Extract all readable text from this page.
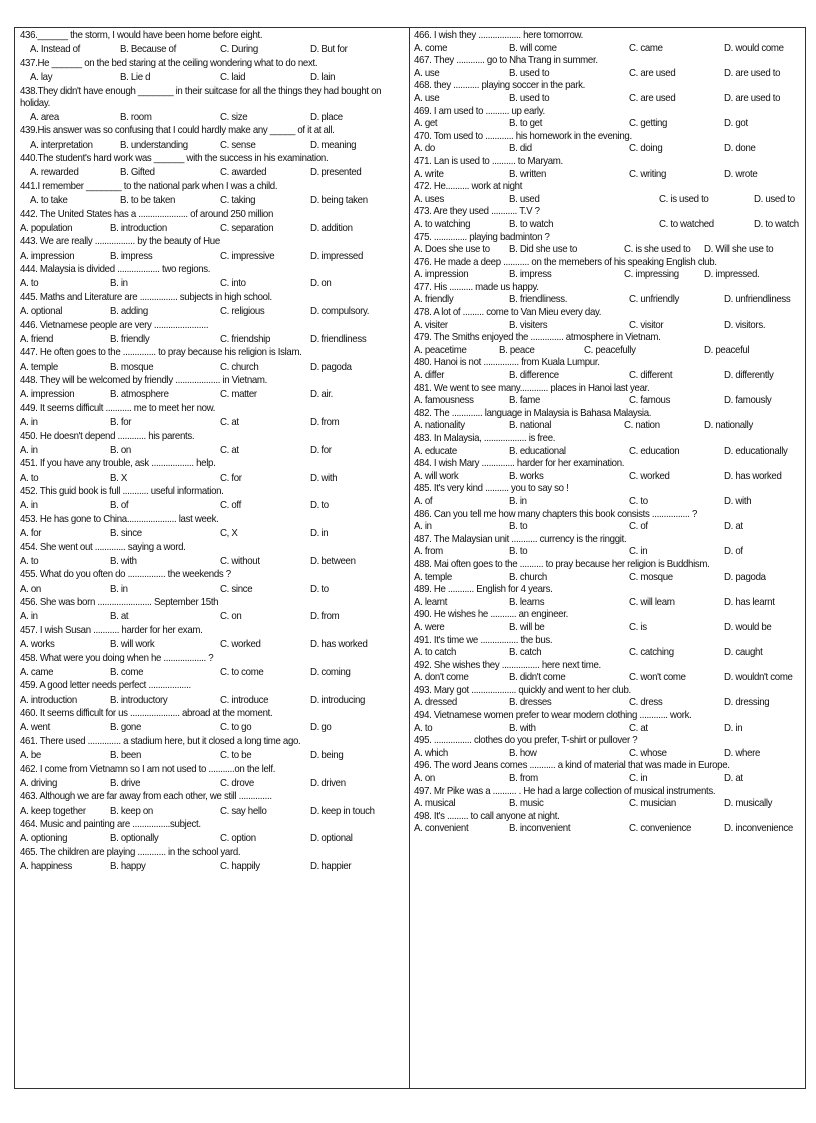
436.______ the storm, I would have been home before eight.
A. Instead of	B. Because of	C. During	D. But for
437.He ______ on the bed staring at the ceiling wondering what to do next.
A. lay	B. Lie d	C. laid	D. lain
438.They didn't have enough _______ in their suitcase for all the things they had bought on
holiday.
A. area	B. room	C. size	D. place
439.His answer was so confusing that I could hardly make any _____ of it at all.
A. interpretation	B. understanding	C. sense	D. meaning
440.The student's hard work was ______ with the success in his examination.
A. rewarded	B. Gifted	C. awarded	D. presented
441.I remember _______ to the national park when I was a child.
A. to take	B. to be taken	C. taking	D. being taken
442. The United States has a ..................... of around 250 million
A. population	B. introduction	C. separation	D. addition
443. We are really ................. by the beauty of Hue
A. impression	B. impress	C. impressive	D. impressed
444. Malaysia is divided .................. two regions.
A. to	B. in	C. into	D. on
445. Maths and Literature are ................ subjects in high school.
A. optional	B. adding	C. religious	D. compulsory.
446. Vietnamese people are very .......................
A. friend	B. friendly	C. friendship	D. friendliness
447. He often goes to the .............. to pray because his religion is Islam.
A. temple	B. mosque	C. church	D. pagoda
448. They will be welcomed by friendly ................... in Vietnam.
A. impression	B. atmosphere	C. matter	D. air.
449. It seems difficult ........... me to meet her now.
A. in	B. for	C. at	D. from
450. He doesn't depend ............ his parents.
A. in	B. on	C. at	D. for
451. If you have any trouble, ask .................. help.
A. to	B. X	C. for	D. with
452. This guid book is full ........... useful information.
A. in	B. of	C. off	D. to
453. He has gone to China..................... last week.
A. for	B. since	C, X	D. in
454. She went out ............. saying a word.
A. to	B. with	C. without	D. between
455. What do you often do ................ the weekends ?
A. on	B. in	C. since	D. to
456. She was born ....................... September 15th
A. in	B. at	C. on	D. from
457. I wish Susan ........... harder for her exam.
A. works	B. will work	C. worked	D. has worked
458. What were you doing when he .................. ?
A. came	B. come	C. to come	D. coming
459. A good letter needs perfect ..................
A. introduction	B. introductory	C. introduce	D. introducing
460. It seems difficult for us ..................... abroad at the moment.
A. went	B. gone	C. to go	D. go
461. There used .............. a stadium here, but it closed a long time ago.
A. be	B. been	C. to be	D. being
462. I come from Vietnamn so I am not used to ...........on the lelf.
A. driving	B. drive	C. drove	D. driven
463. Although we are far away from each other, we still ..............
A. keep together B. keep on	C. say hello	D. keep in touch
464. Music and painting are ................subject.
A. optioning	B. optionally	C. option	D. optional
465. The children are playing ............ in the school yard.
A. happiness	B. happy	C. happily	D. happier
466. I wish they .................. here tomorrow.
A. come	B. will come	C. came	D. would come
467. They ............ go to Nha Trang in summer.
A. use	B. used to	C. are used	D. are used to
468. they ........... playing soccer in the park.
A. use	B. used to	C. are used	D. are used to
469. I am used to .......... up early.
A. get	B. to get	C. getting	D. got
470. Tom used to ............ his homework in the evening.
A. do	B. did	C. doing	D. done
471. Lan is used to .......... to Maryam.
A. write	B. written	C. writing	D. wrote
472. He.......... work at night
A. uses	B. used	C. is used to	D. used to
473. Are they used ........... T.V ?
A. to watching	B. to watch	C. to watched	D. to watch
475. .............. playing badminton ?
A. Does she use to B. Did she use to	C. is she used to D. Will she use to
476. He made a deep ........... on the memebers of his speaking English club.
A. impression	B. impress	C. impressing D. impressed.
477. His .......... made us happy.
A. friendly	B. friendliness.	C. unfriendly	D. unfriendliness
478. A lot of ......... come to Van Mieu every day.
A. visiter	B. visiters	C. visitor	D. visitors.
479. The Smiths enjoyed the .............. atmosphere in Vietnam.
A. peacetime	B. peace	C. peacefully	D. peaceful
480. Hanoi is not ............... from Kuala Lumpur.
A. differ	B. difference	C. different	D. differently
481. We went to see many............ places in Hanoi last year.
A. famousness	B. fame	C. famous	D. famously
482. The ............. language in Malaysia is Bahasa Malaysia.
A. nationality	B. national	C. nation	D. nationally
483. In Malaysia, .................. is free.
A. educate	B. educational	C. education	D. educationally
484. I wish Mary .............. harder for her examination.
A. will work	B. works	C. worked	D. has worked
485. It's very kind .......... you to say so !
A. of	B. in	C. to	D. with
486. Can you tell me how many chapters this book consists ................ ?
A. in	B. to	C. of	D. at
487. The Malaysian unit ........... currency is the ringgit.
A. from	B. to	C. in	D. of
488. Mai often goes to the .......... to pray because her religion is Buddhism.
A. temple	B. church	C. mosque	D. pagoda
489. He ........... English for 4 years.
A. learnt	B. learns	C. will learn	D. has learnt
490. He wishes he ........... an engineer.
A. were	B. will be	C. is	D. would be
491. It's time we ................ the bus.
A. to catch	B. catch	C. catching	D. caught
492. She wishes they ................ here next time.
A. don't come	B. didn't come	C. won't come	D. wouldn't come
493. Mary got ................... quickly and went to her club.
A. dressed	B. dresses	C. dress	D. dressing
494. Vietnamese women prefer to wear modern clothing ............ work.
A. to	B. with	C. at	D. in
495. ................ clothes do you prefer, T-shirt or pullover ?
A. which	B. how	C. whose	D. where
496. The word Jeans comes ........... a kind of material that was made in Europe.
A. on	B. from	C. in	D. at
497. Mr Pike was a .......... . He had a large collection of musical instruments.
A. musical	B. music	C. musician	D. musically
498. It's ......... to call anyone at night.
A. convenient	B. inconvenient	C. convenience	D. inconvenience
